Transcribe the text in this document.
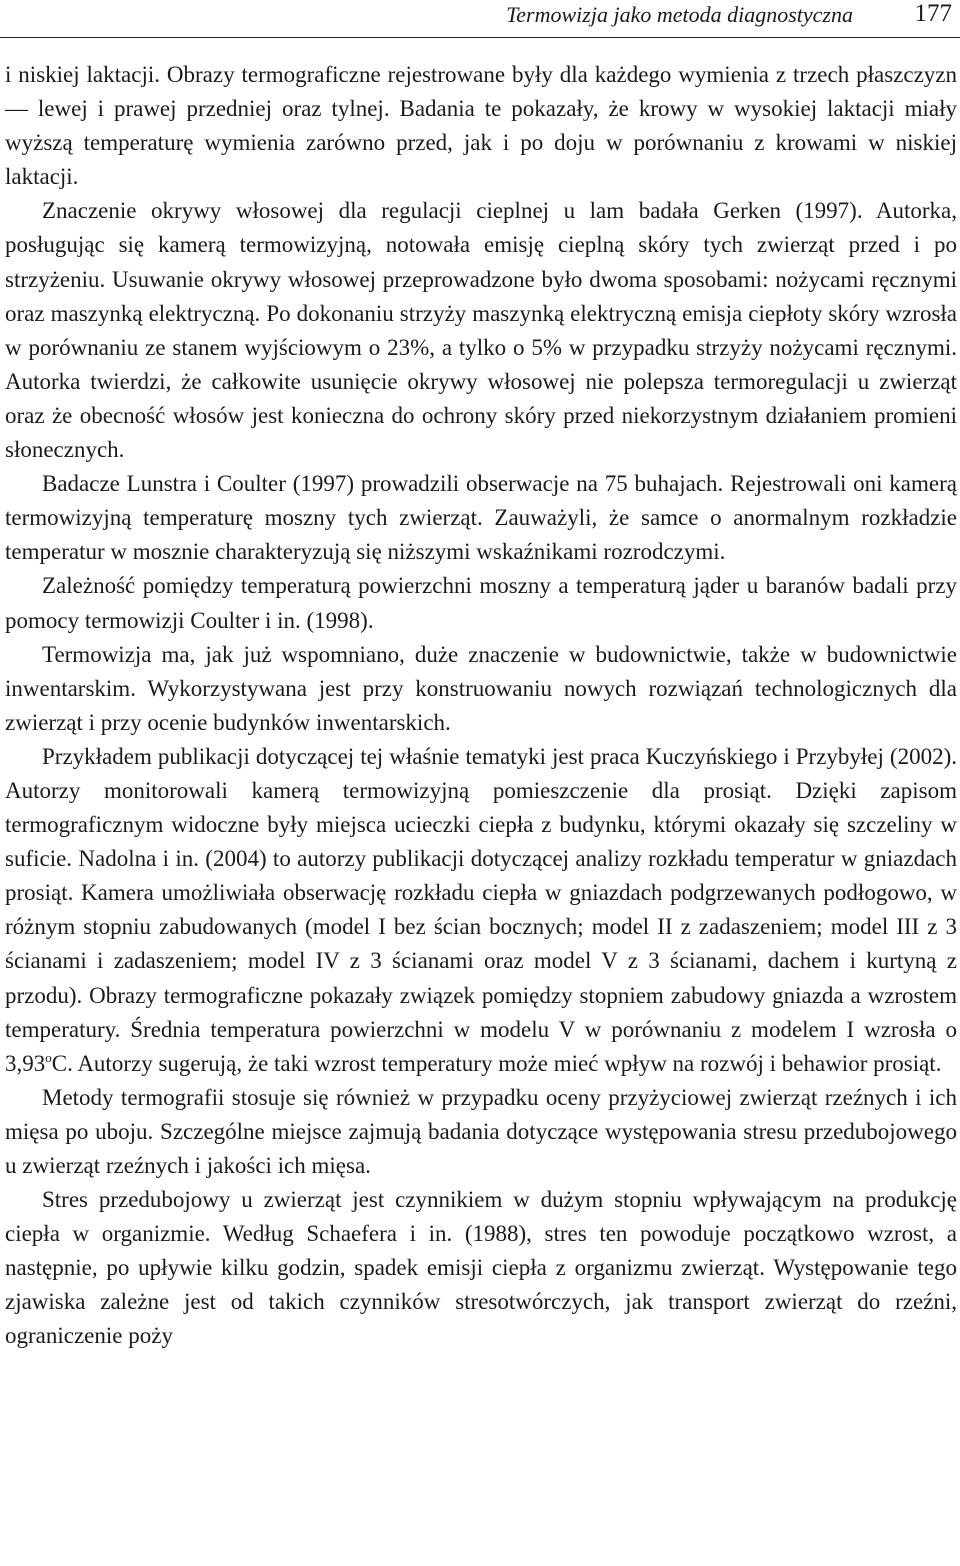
Termowizja jako metoda diagnostyczna 177

i niskiej laktacji. Obrazy termograficzne rejestrowane były dla każdego wymienia z trzech płaszczyzn — lewej i prawej przedniej oraz tylnej. Badania te pokazały, że krowy w wysokiej laktacji miały wyższą temperaturę wymienia zarówno przed, jak i po doju w porównaniu z krowami w niskiej laktacji.

Znaczenie okrywy włosowej dla regulacji cieplnej u lam badała Gerken (1997). Autorka, posługując się kamerą termowizyjną, notowała emisję cieplną skóry tych zwierząt przed i po strzyżeniu. Usuwanie okrywy włosowej przeprowadzone było dwoma sposobami: nożycami ręcznymi oraz maszynką elektryczną. Po dokonaniu strzyży maszynką elektryczną emisja ciepłoty skóry wzrosła w porównaniu ze stanem wyjściowym o 23%, a tylko o 5% w przypadku strzyży nożycami ręcznymi. Autorka twierdzi, że całkowite usunięcie okrywy włosowej nie polepsza termoregulacji u zwierząt oraz że obecność włosów jest konieczna do ochrony skóry przed niekorzystnym działaniem promieni słonecznych.

Badacze Lunstra i Coulter (1997) prowadzili obserwacje na 75 buhajach. Rejestrowali oni kamerą termowizyjną temperaturę moszny tych zwierząt. Zauważyli, że samce o anormalnym rozkładzie temperatur w mosznie charakteryzują się niższymi wskaźnikami rozrodczymi.

Zależność pomiędzy temperaturą powierzchni moszny a temperaturą jąder u baranów badali przy pomocy termowizji Coulter i in. (1998).

Termowizja ma, jak już wspomniano, duże znaczenie w budownictwie, także w budownictwie inwentarskim. Wykorzystywana jest przy konstruowaniu nowych rozwiązań technologicznych dla zwierząt i przy ocenie budynków inwentarskich.

Przykładem publikacji dotyczącej tej właśnie tematyki jest praca Kuczyńskiego i Przybyłej (2002). Autorzy monitorowali kamerą termowizyjną pomieszczenie dla prosiąt. Dzięki zapisom termograficznym widoczne były miejsca ucieczki ciepła z budynku, którymi okazały się szczeliny w suficie. Nadolna i in. (2004) to autorzy publikacji dotyczącej analizy rozkładu temperatur w gniazdach prosiąt. Kamera umożliwiała obserwację rozkładu ciepła w gniazdach podgrzewanych podłogowo, w różnym stopniu zabudowanych (model I bez ścian bocznych; model II z zadaszeniem; model III z 3 ścianami i zadaszeniem; model IV z 3 ścianami oraz model V z 3 ścianami, dachem i kurtyną z przodu). Obrazy termograficzne pokazały związek pomiędzy stopniem zabudowy gniazda a wzrostem temperatury. Średnia temperatura powierzchni w modelu V w porównaniu z modelem I wzrosła o 3,93$^o$C. Autorzy sugerują, że taki wzrost temperatury może mieć wpływ na rozwój i behawior prosiąt.

Metody termografii stosuje się również w przypadku oceny przyżyciowej zwierząt rzeźnych i ich mięsa po uboju. Szczególne miejsce zajmują badania dotyczące występowania stresu przedubojowego u zwierząt rzeźnych i jakości ich mięsa.

Stres przedubojowy u zwierząt jest czynnikiem w dużym stopniu wpływającym na produkcję ciepła w organizmie. Według Schaefera i in. (1988), stres ten powoduje początkowo wzrost, a następnie, po upływie kilku godzin, spadek emisji ciepła z organizmu zwierząt. Występowanie tego zjawiska zależne jest od takich czynników stresotwórczych, jak transport zwierząt do rzeźni, ograniczenie poży
